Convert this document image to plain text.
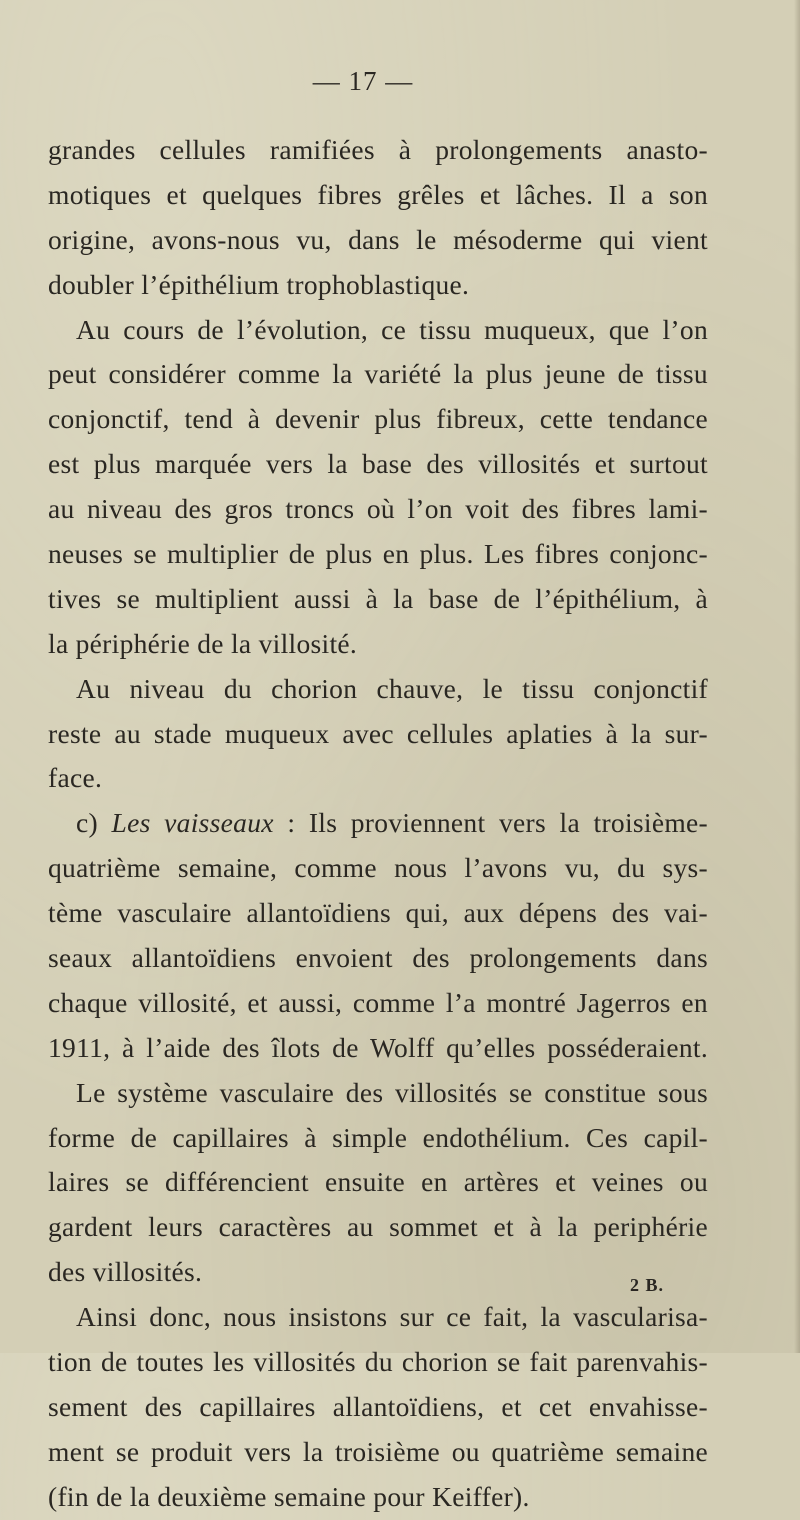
— 17 —
grandes cellules ramifiées à prolongements anasto-
motiques et quelques fibres grêles et lâches. Il a son
origine, avons-nous vu, dans le mésoderme qui vient
doubler l’épithélium trophoblastique.
Au cours de l’évolution, ce tissu muqueux, que l’on
peut considérer comme la variété la plus jeune de tissu
conjonctif, tend à devenir plus fibreux, cette tendance
est plus marquée vers la base des villosités et surtout
au niveau des gros troncs où l’on voit des fibres lami-
neuses se multiplier de plus en plus. Les fibres conjonc-
tives se multiplient aussi à la base de l’épithélium, à
la périphérie de la villosité.
Au niveau du chorion chauve, le tissu conjonctif
reste au stade muqueux avec cellules aplaties à la sur-
face.
c) Les vaisseaux : Ils proviennent vers la troisième-
quatrième semaine, comme nous l’avons vu, du sys-
tème vasculaire allantoïdiens qui, aux dépens des vai-
seaux allantoïdiens envoient des prolongements dans
chaque villosité, et aussi, comme l’a montré Jagerros en
1911, à l’aide des îlots de Wolff qu’elles posséderaient.
Le système vasculaire des villosités se constitue sous
forme de capillaires à simple endothélium. Ces capil-
laires se différencient ensuite en artères et veines ou
gardent leurs caractères au sommet et à la periphérie
des villosités.
Ainsi donc, nous insistons sur ce fait, la vascularisa-
tion de toutes les villosités du chorion se fait parenvahis-
sement des capillaires allantoïdiens, et cet envahisse-
ment se produit vers la troisième ou quatrième semaine
(fin de la deuxième semaine pour Keiffer).
2 B.
